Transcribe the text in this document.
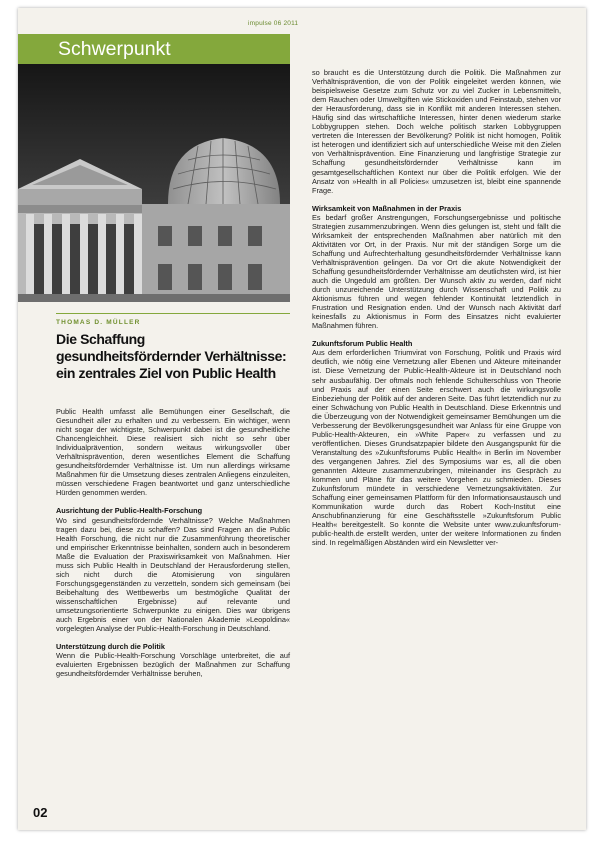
impulse 06 2011
Schwerpunkt
THOMAS D. MÜLLER
Die Schaffung gesundheitsfördernder Verhältnisse: ein zentrales Ziel von Public Health

Public Health umfasst alle Bemühungen einer Gesellschaft, die Gesundheit aller zu erhalten und zu verbessern. Ein wichtiger, wenn nicht sogar der wichtigste, Schwerpunkt dabei ist die gesundheitliche Chancengleichheit. Diese realisiert sich nicht so sehr über Individualprävention, sondern weitaus wirkungsvoller über Verhältnisprävention, deren wesentliches Element die Schaffung gesundheitsfördernder Verhältnisse ist. Um nun allerdings wirksame Maßnahmen für die Umsetzung dieses zentralen Anliegens einzuleiten, müssen verschiedene Fragen beantwortet und ganz unterschiedliche Hürden genommen werden.

Ausrichtung der Public-Health-Forschung

Wo sind gesundheitsfördernde Verhältnisse? Welche Maßnahmen tragen dazu bei, diese zu schaffen? Das sind Fragen an die Public Health Forschung, die nicht nur die Zusammenführung theoretischer und empirischer Erkenntnisse beinhalten, sondern auch in besonderem Maße die Evaluation der Praxiswirksamkeit von Maßnahmen. Hier muss sich Public Health in Deutschland der Herausforderung stellen, sich nicht durch die Atomisierung von singulären Forschungsgegenständen zu verzetteln, sondern sich gemeinsam (bei Beibehaltung des Wettbewerbs um bestmögliche Qualität der wissenschaftlichen Ergebnisse) auf relevante und umsetzungsorientierte Schwerpunkte zu einigen. Dies war übrigens auch Ergebnis einer von der Nationalen Akademie »Leopoldina« vorgelegten Analyse der Public-Health-Forschung in Deutschland.

Unterstützung durch die Politik

Wenn die Public-Health-Forschung Vorschläge unterbreitet, die auf evaluierten Ergebnissen bezüglich der Maßnahmen zur Schaffung gesundheitsfördernder Verhältnisse beruhen,

so braucht es die Unterstützung durch die Politik. Die Maßnahmen zur Verhältnisprävention, die von der Politik eingeleitet werden können, wie beispielsweise Gesetze zum Schutz vor zu viel Zucker in Lebensmitteln, dem Rauchen oder Umweltgiften wie Stickoxiden und Feinstaub, stehen vor der Herausforderung, dass sie in Konflikt mit anderen Interessen stehen. Häufig sind das wirtschaftliche Interessen, hinter denen wiederum starke Lobbygruppen stehen. Doch welche politisch starken Lobbygruppen vertreten die Interessen der Bevölkerung? Politik ist nicht homogen, Politik ist heterogen und identifiziert sich auf unterschiedliche Weise mit den Zielen von Verhältnisprävention. Eine Finanzierung und langfristige Strategie zur Schaffung gesundheitsfördernder Verhältnisse kann im gesamtgesellschaftlichen Kontext nur über die Politik erfolgen. Wie der Ansatz von »Health in all Policies« umzusetzen ist, bleibt eine spannende Frage.

Wirksamkeit von Maßnahmen in der Praxis

Es bedarf großer Anstrengungen, Forschungsergebnisse und politische Strategien zusammenzubringen. Wenn dies gelungen ist, steht und fällt die Wirksamkeit der entsprechenden Maßnahmen aber natürlich mit den Aktivitäten vor Ort, in der Praxis. Nur mit der ständigen Sorge um die Schaffung und Aufrechterhaltung gesundheitsfördernder Verhältnisse kann Verhältnisprävention gelingen. Da vor Ort die akute Notwendigkeit der Schaffung gesundheitsfördernder Verhältnisse am deutlichsten wird, ist hier auch die Ungeduld am größten. Der Wunsch aktiv zu werden, darf nicht durch unzureichende Unterstützung durch Wissenschaft und Politik zu Aktionismus führen und wegen fehlender Kontinuität letztendlich in Frustration und Resignation enden. Und der Wunsch nach Aktivität darf keinesfalls zu Aktionismus in Form des Einsatzes nicht evaluierter Maßnahmen führen.

Zukunftsforum Public Health

Aus dem erforderlichen Triumvirat von Forschung, Politik und Praxis wird deutlich, wie nötig eine Vernetzung aller Ebenen und Akteure miteinander ist. Diese Vernetzung der Public-Health-Akteure ist in Deutschland noch sehr ausbaufähig. Der oftmals noch fehlende Schulterschluss von Theorie und Praxis auf der einen Seite erschwert auch die wirkungsvolle Einbeziehung der Politik auf der anderen Seite. Das führt letztendlich nur zu einer Schwächung von Public Health in Deutschland. Diese Erkenntnis und die Überzeugung von der Notwendigkeit gemeinsamer Bemühungen um die Verbesserung der Bevölkerungsgesundheit war Anlass für eine Gruppe von Public-Health-Akteuren, ein »White Paper« zu verfassen und zu veröffentlichen. Dieses Grundsatzpapier bildete den Ausgangspunkt für die Veranstaltung des »Zukunftsforums Public Health« in Berlin im November des vergangenen Jahres. Ziel des Symposiums war es, all die oben genannten Akteure zusammenzubringen, miteinander ins Gespräch zu kommen und Pläne für das weitere Vorgehen zu schmieden. Dieses Zukunftsforum mündete in verschiedene Vernetzungsaktivitäten. Zur Schaffung einer gemeinsamen Plattform für den Informationsaustausch und Kommunikation wurde durch das Robert Koch-Institut eine Anschubfinanzierung für eine Geschäftsstelle »Zukunftsforum Public Health« bereitgestellt. So konnte die Website unter www.zukunftsforum-public-health.de erstellt werden, unter der weitere Informationen zu finden sind. In regelmäßigen Abständen wird ein Newsletter ver-

02
